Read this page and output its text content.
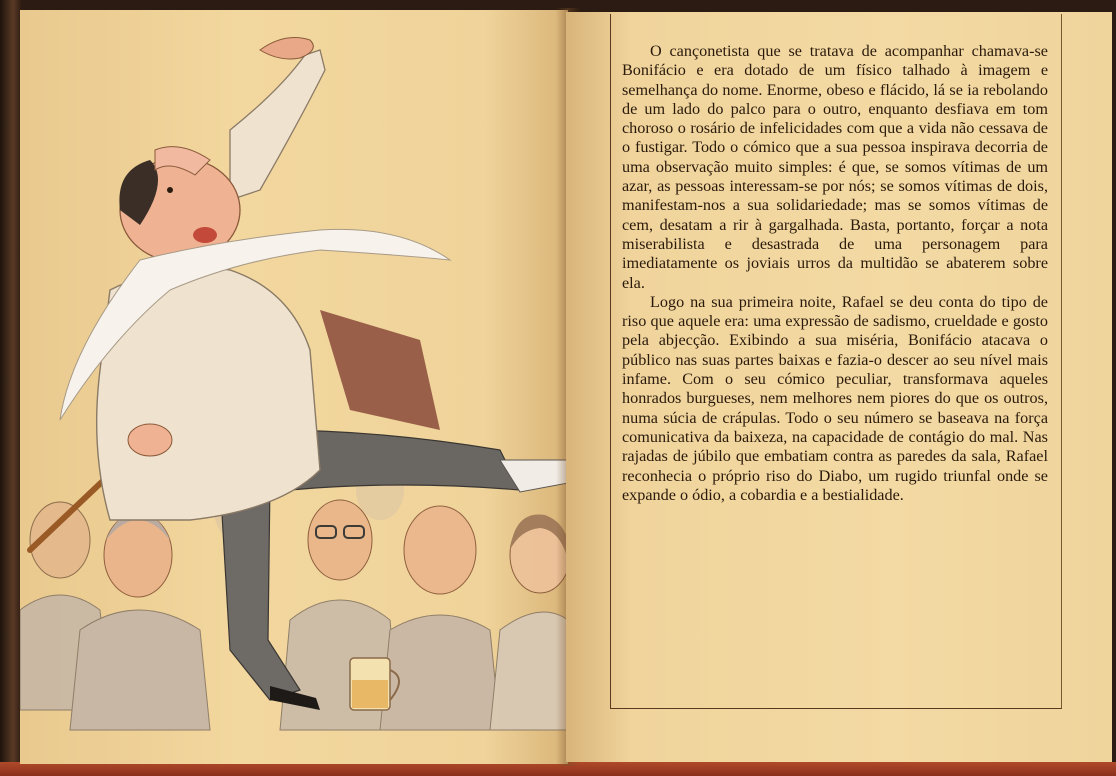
O cançonetista que se tratava de acompanhar chamava-se Bonifácio e era dotado de um físico talhado à imagem e semelhança do nome. Enorme, obeso e flácido, lá se ia rebolando de um lado do palco para o outro, enquanto desfiava em tom choroso o rosário de infelicidades com que a vida não cessava de o fustigar. Todo o cómico que a sua pessoa inspirava decorria de uma observação muito simples: é que, se somos vítimas de um azar, as pessoas interessam-se por nós; se somos vítimas de dois, manifestam-nos a sua solidariedade; mas se somos vítimas de cem, desatam a rir à gargalhada. Basta, portanto, forçar a nota miserabilista e desastrada de uma personagem para imediatamente os joviais urros da multidão se abaterem sobre ela.

Logo na sua primeira noite, Rafael se deu conta do tipo de riso que aquele era: uma expressão de sadismo, crueldade e gosto pela abjecção. Exibindo a sua miséria, Bonifácio atacava o público nas suas partes baixas e fazia-o descer ao seu nível mais infame. Com o seu cómico peculiar, transformava aqueles honrados burgueses, nem melhores nem piores do que os outros, numa súcia de crápulas. Todo o seu número se baseava na força comunicativa da baixeza, na capacidade de contágio do mal. Nas rajadas de júbilo que embatiam contra as paredes da sala, Rafael reconhecia o próprio riso do Diabo, um rugido triunfal onde se expande o ódio, a cobardia e a bestialidade.
